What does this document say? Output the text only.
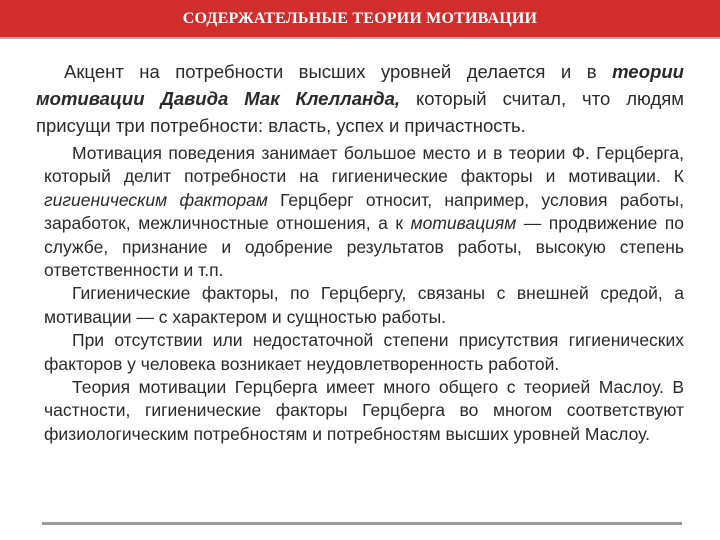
СОДЕРЖАТЕЛЬНЫЕ ТЕОРИИ МОТИВАЦИИ

Акцент на потребности высших уровней делается и в теории мотивации Давида Мак Клелланда, который считал, что людям присущи три потребности: власть, успех и причастность.

Мотивация поведения занимает большое место и в теории Ф. Герцберга, который делит потребности на гигиенические факторы и мотивации. К гигиеническим факторам Герцберг относит, например, условия работы, заработок, межличностные отношения, а к мотивациям — продвижение по службе, признание и одобрение результатов работы, высокую степень ответственности и т.п.

Гигиенические факторы, по Герцбергу, связаны с внешней средой, а мотивации — с характером и сущностью работы.

При отсутствии или недостаточной степени присутствия гигиенических факторов у человека возникает неудовлетворенность работой.

Теория мотивации Герцберга имеет много общего с теорией Маслоу. В частности, гигиенические факторы Герцберга во многом соответствуют физиологическим потребностям и потребностям высших уровней Маслоу.
